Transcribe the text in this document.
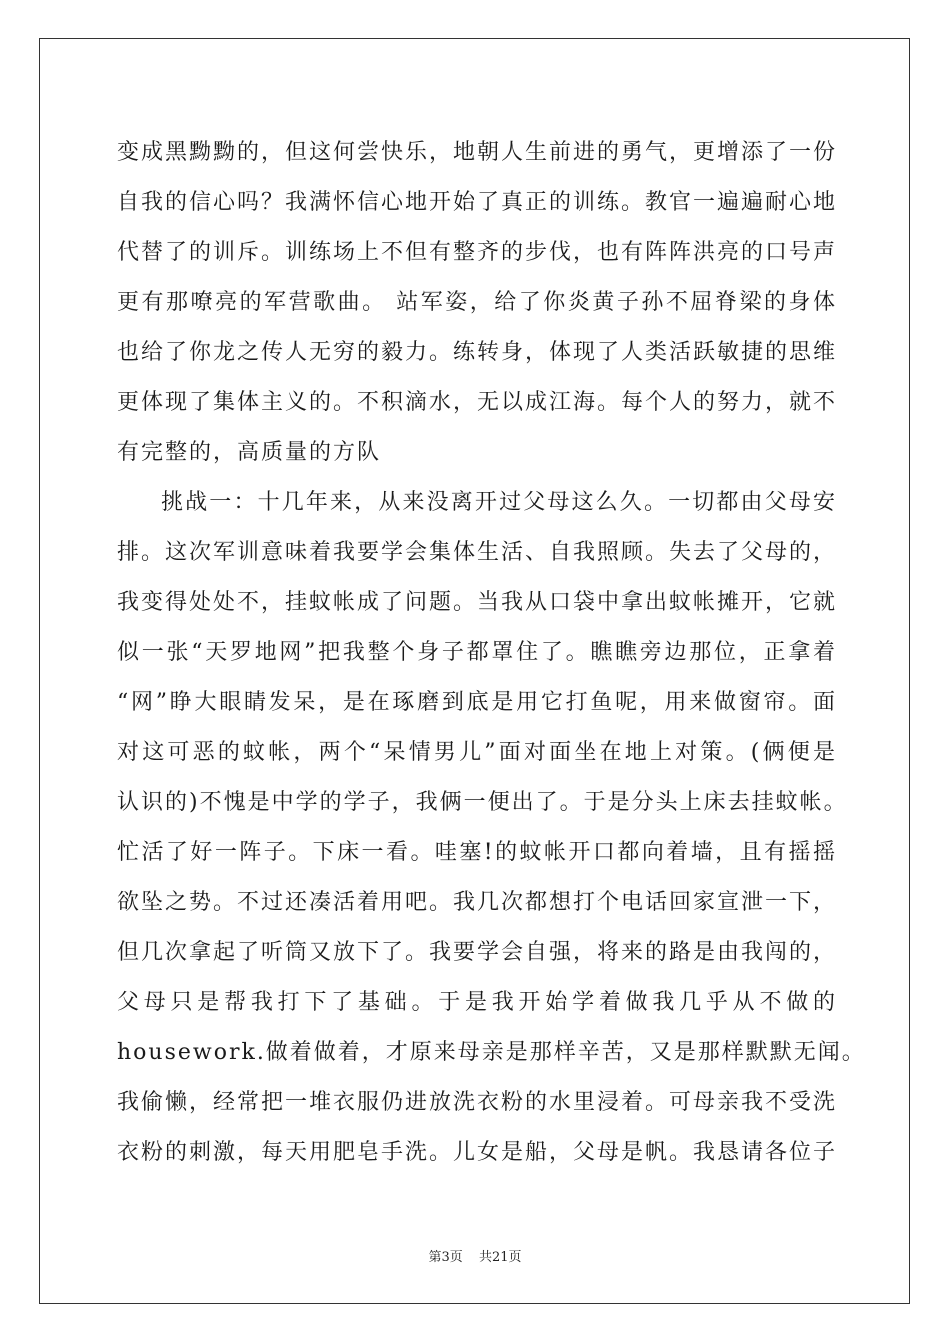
变成黑黝黝的，但这何尝快乐，地朝人生前进的勇气，更增添了一份
自我的信心吗？我满怀信心地开始了真正的训练。教官一遍遍耐心地
代替了的训斥。训练场上不但有整齐的步伐，也有阵阵洪亮的口号声
更有那嘹亮的军营歌曲。 站军姿，给了你炎黄子孙不屈脊梁的身体
也给了你龙之传人无穷的毅力。练转身，体现了人类活跃敏捷的思维
更体现了集体主义的。不积滴水，无以成江海。每个人的努力，就不
有完整的，高质量的方队
挑战一：十几年来，从来没离开过父母这么久。一切都由父母安
排。这次军训意味着我要学会集体生活、自我照顾。失去了父母的，
我变得处处不，挂蚊帐成了问题。当我从口袋中拿出蚊帐摊开，它就
似一张“天罗地网”把我整个身子都罩住了。瞧瞧旁边那位，正拿着
“网”睁大眼睛发呆，是在琢磨到底是用它打鱼呢，用来做窗帘。面
对这可恶的蚊帐，两个“呆情男儿”面对面坐在地上对策。(俩便是
认识的)不愧是中学的学子，我俩一便出了。于是分头上床去挂蚊帐。
忙活了好一阵子。下床一看。哇塞!的蚊帐开口都向着墙，且有摇摇
欲坠之势。不过还凑活着用吧。我几次都想打个电话回家宣泄一下，
但几次拿起了听筒又放下了。我要学会自强，将来的路是由我闯的，
父母只是帮我打下了基础。于是我开始学着做我几乎从不做的
housework.做着做着，才原来母亲是那样辛苦，又是那样默默无闻。
我偷懒，经常把一堆衣服仍进放洗衣粉的水里浸着。可母亲我不受洗
衣粉的刺激，每天用肥皂手洗。儿女是船，父母是帆。我恳请各位子
第3页 共21页
